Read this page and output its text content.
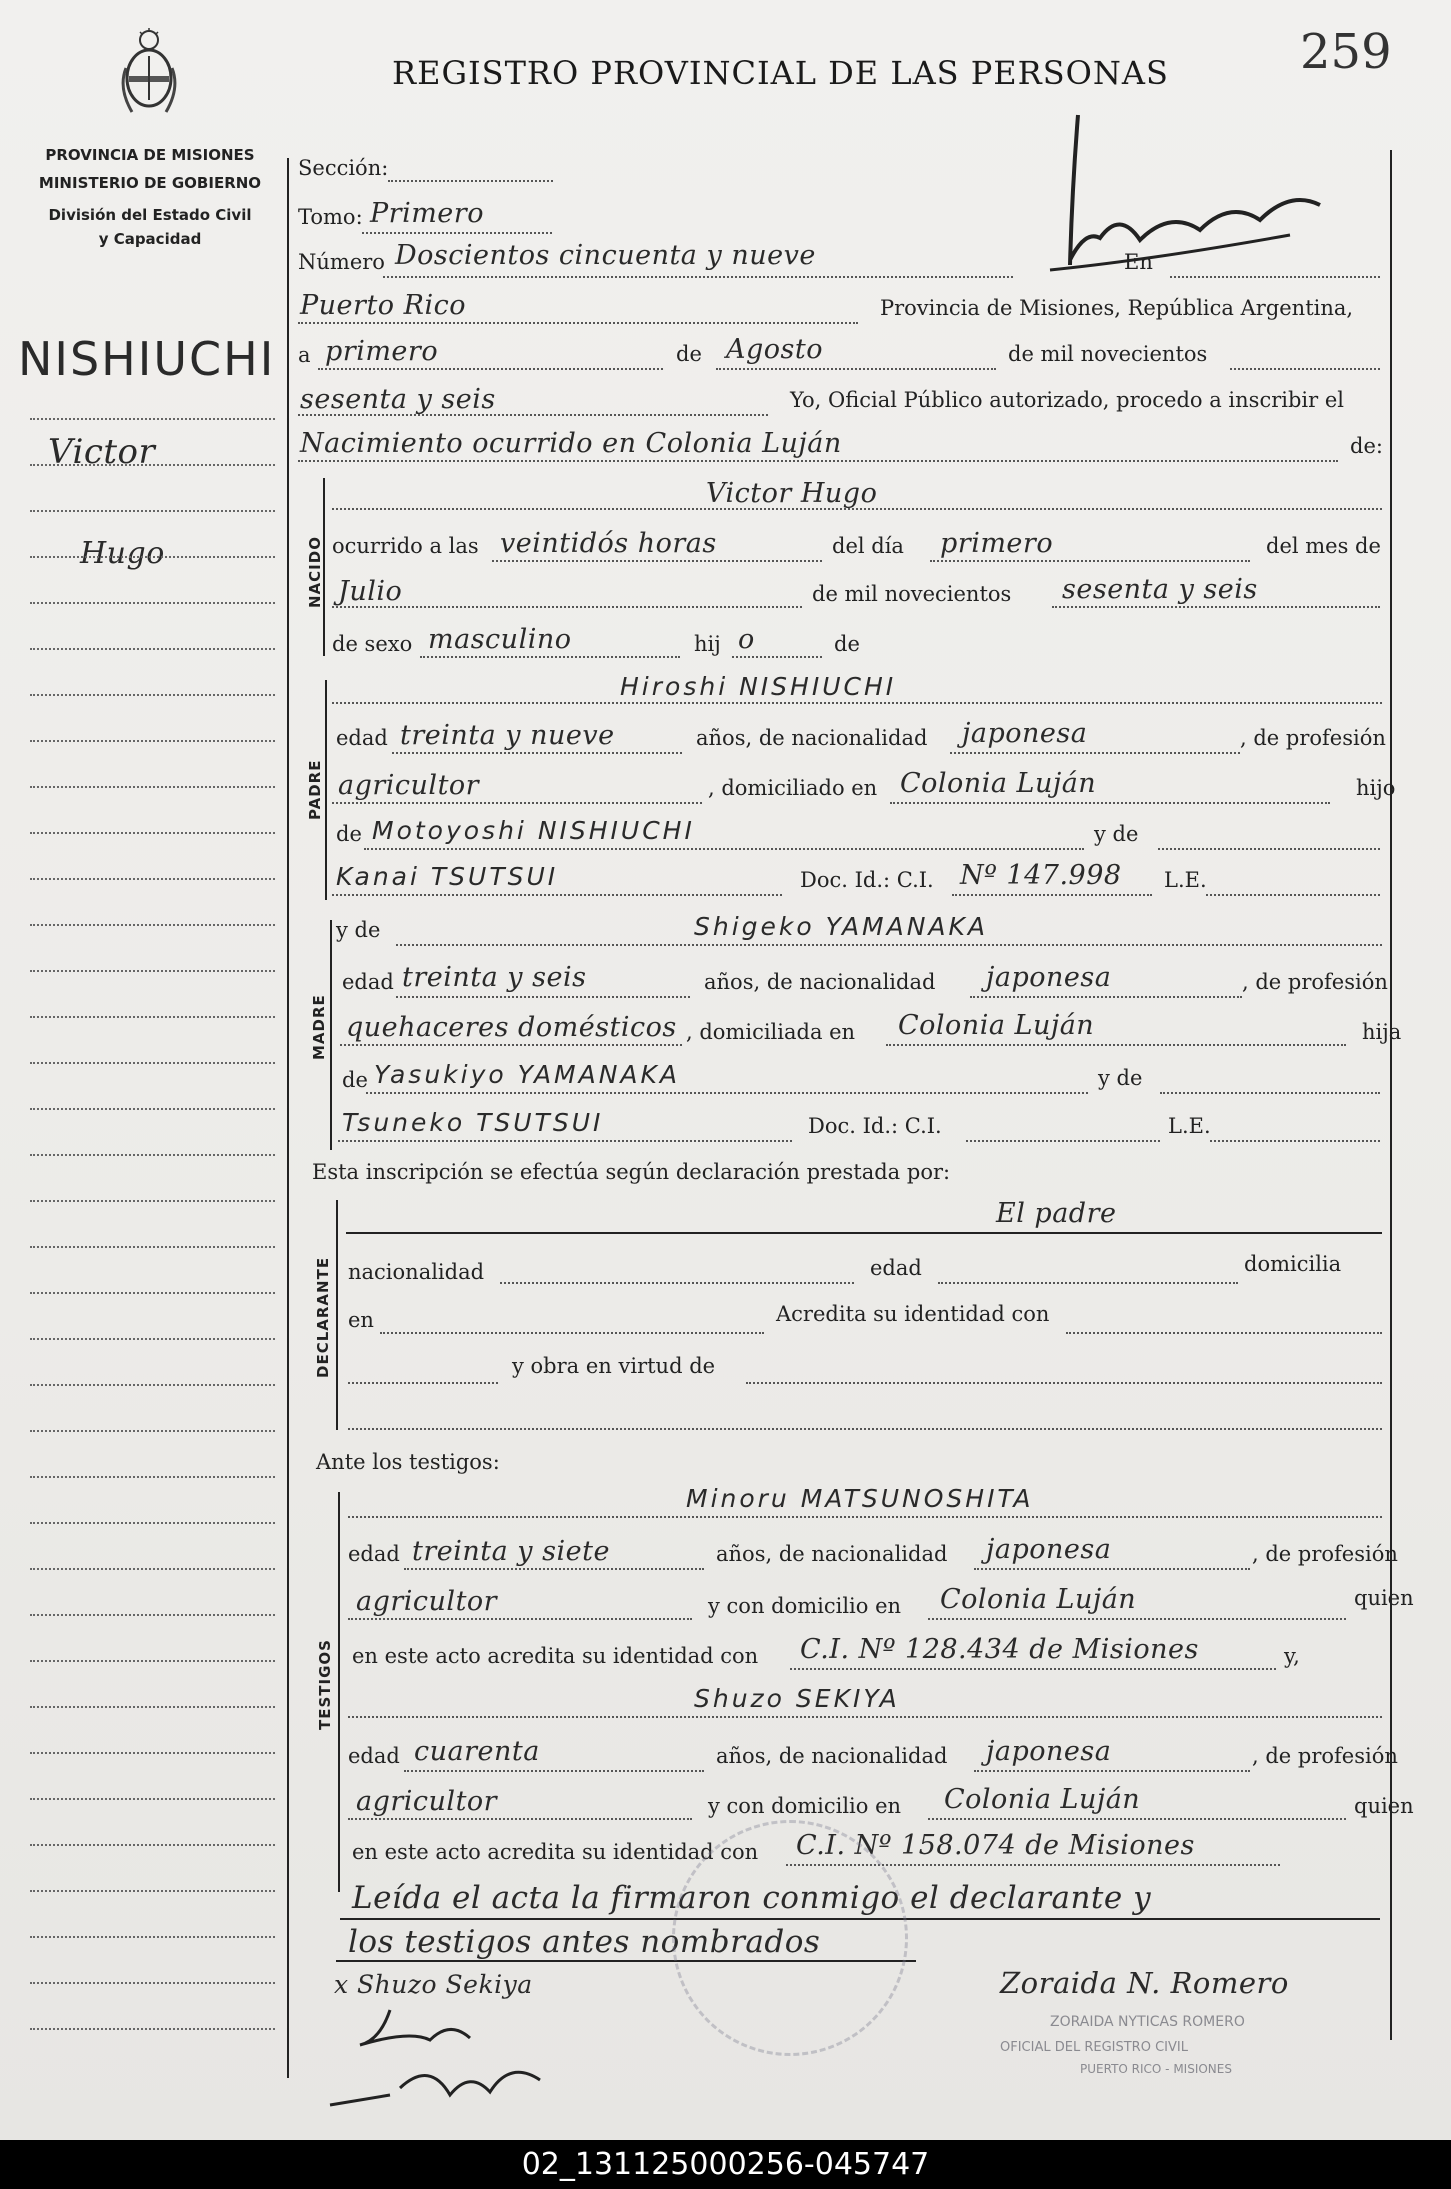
REGISTRO PROVINCIAL DE LAS PERSONAS	259
PROVINCIA DE MISIONES
MINISTERIO DE GOBIERNO
División del Estado Civil
y Capacidad
NISHIUCHI
Victor
Hugo
Sección:
Tomo: Primero
Número Doscientos cincuenta y nueve	En
Puerto Rico	Provincia de Misiones, República Argentina,
a primero	de Agosto	de mil novecientos
sesenta y seis	Yo, Oficial Público autorizado, procedo a inscribir el
Nacimiento ocurrido en Colonia Luján	de:
NACIDO
Victor Hugo
ocurrido a las veintidós horas	del día primero	del mes de
Julio	de mil novecientos sesenta y seis
de sexo masculino	hij o	de
PADRE
Hiroshi NISHIUCHI
edad treinta y nueve	años, de nacionalidad japonesa	, de profesión
agricultor	, domiciliado en Colonia Luján	hijo
de Motoyoshi NISHIUCHI	y de
Kanai TSUTSUI	Doc. Id.: C.I. Nº 147.998 L.E.
MADRE
y de	Shigeko YAMANAKA
edad treinta y seis	años, de nacionalidad japonesa	, de profesión
quehaceres domésticos , domiciliada en Colonia Luján	hija
de Yasukiyo YAMANAKA	y de
Tsuneko TSUTSUI	Doc. Id.: C.I.	L.E.
Esta inscripción se efectúa según declaración prestada por:
DECLARANTE
El padre
nacionalidad	edad	domicilia
en	Acredita su identidad con
y obra en virtud de
Ante los testigos:
TESTIGOS
Minoru MATSUNOSHITA
edad treinta y siete	años, de nacionalidad japonesa	, de profesión
agricultor	y con domicilio en Colonia Luján	quien
en este acto acredita su identidad con C.I. Nº 128.434 de Misiones	y,
Shuzo SEKIYA
edad cuarenta	años, de nacionalidad japonesa	, de profesión
agricultor	y con domicilio en Colonia Luján	quien
en este acto acredita su identidad con C.I. Nº 158.074 de Misiones
Leída el acta la firmaron conmigo el declarante y
los testigos antes nombrados
x Shuzo Sekiya	Zoraida N. Romero
ZORAIDA NYTICAS ROMERO
OFICIAL DEL REGISTRO CIVIL
PUERTO RICO - MISIONES
02_131125000256-045747
